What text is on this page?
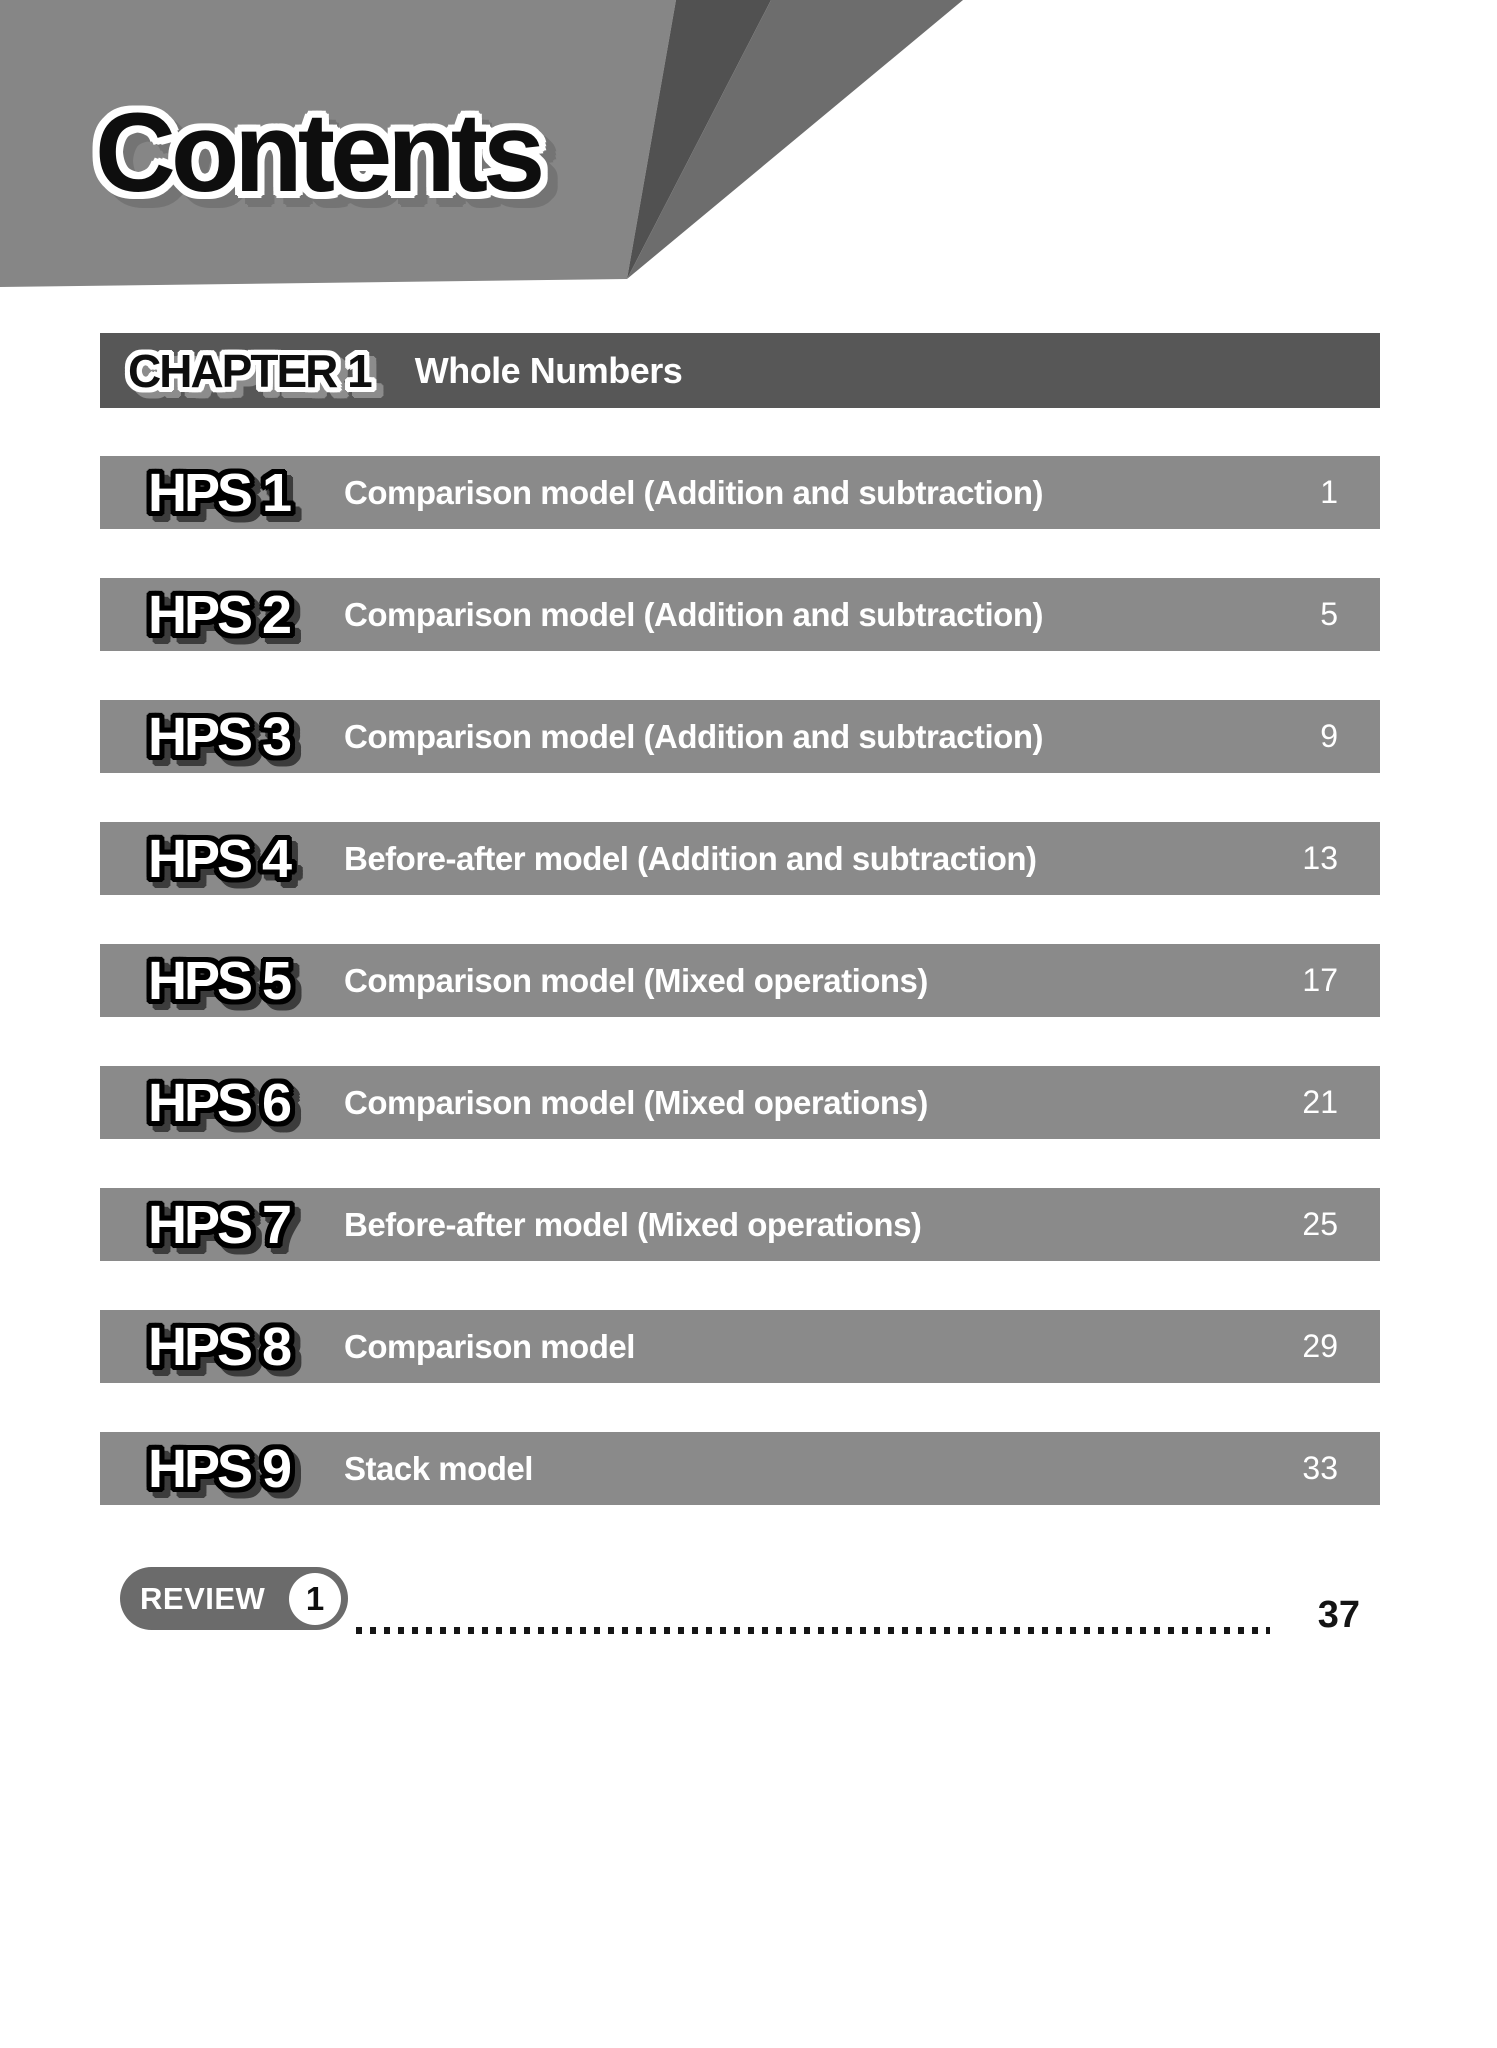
Contents
CHAPTER 1 Whole Numbers
HPS 1	Comparison model (Addition and subtraction)	1
HPS 2	Comparison model (Addition and subtraction)	5
HPS 3	Comparison model (Addition and subtraction)	9
HPS 4	Before-after model (Addition and subtraction)	13
HPS 5	Comparison model (Mixed operations)	17
HPS 6	Comparison model (Mixed operations)	21
HPS 7	Before-after model (Mixed operations)	25
HPS 8	Comparison model	29
HPS 9	Stack model	33
REVIEW 1	37
